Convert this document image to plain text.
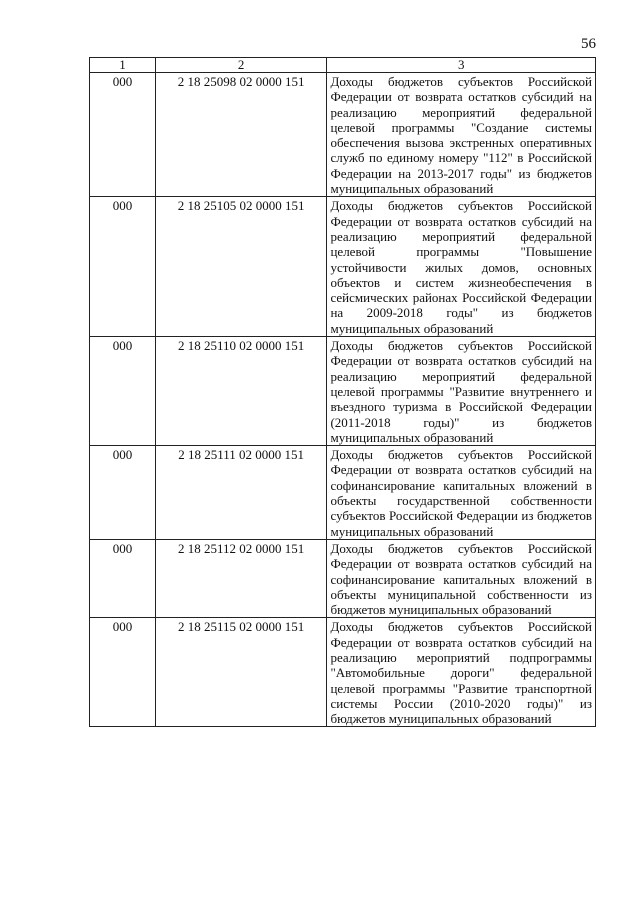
56
1	2	3
000	2 18 25098 02 0000 151	Доходы бюджетов субъектов Российской Федерации от возврата остатков субсидий на реализацию мероприятий федеральной целевой программы "Создание системы обеспечения вызова экстренных оперативных служб по единому номеру "112" в Российской Федерации на 2013-2017 годы" из бюджетов муниципальных образований
000	2 18 25105 02 0000 151	Доходы бюджетов субъектов Российской Федерации от возврата остатков субсидий на реализацию мероприятий федеральной целевой программы "Повышение устойчивости жилых домов, основных объектов и систем жизнеобеспечения в сейсмических районах Российской Федерации на 2009-2018 годы" из бюджетов муниципальных образований
000	2 18 25110 02 0000 151	Доходы бюджетов субъектов Российской Федерации от возврата остатков субсидий на реализацию мероприятий федеральной целевой программы "Развитие внутреннего и въездного туризма в Российской Федерации (2011-2018 годы)" из бюджетов муниципальных образований
000	2 18 25111 02 0000 151	Доходы бюджетов субъектов Российской Федерации от возврата остатков субсидий на софинансирование капитальных вложений в объекты государственной собственности субъектов Российской Федерации из бюджетов муниципальных образований
000	2 18 25112 02 0000 151	Доходы бюджетов субъектов Российской Федерации от возврата остатков субсидий на софинансирование капитальных вложений в объекты муниципальной собственности из бюджетов муниципальных образований
000	2 18 25115 02 0000 151	Доходы бюджетов субъектов Российской Федерации от возврата остатков субсидий на реализацию мероприятий подпрограммы "Автомобильные дороги" федеральной целевой программы "Развитие транспортной системы России (2010-2020 годы)" из бюджетов муниципальных образований
